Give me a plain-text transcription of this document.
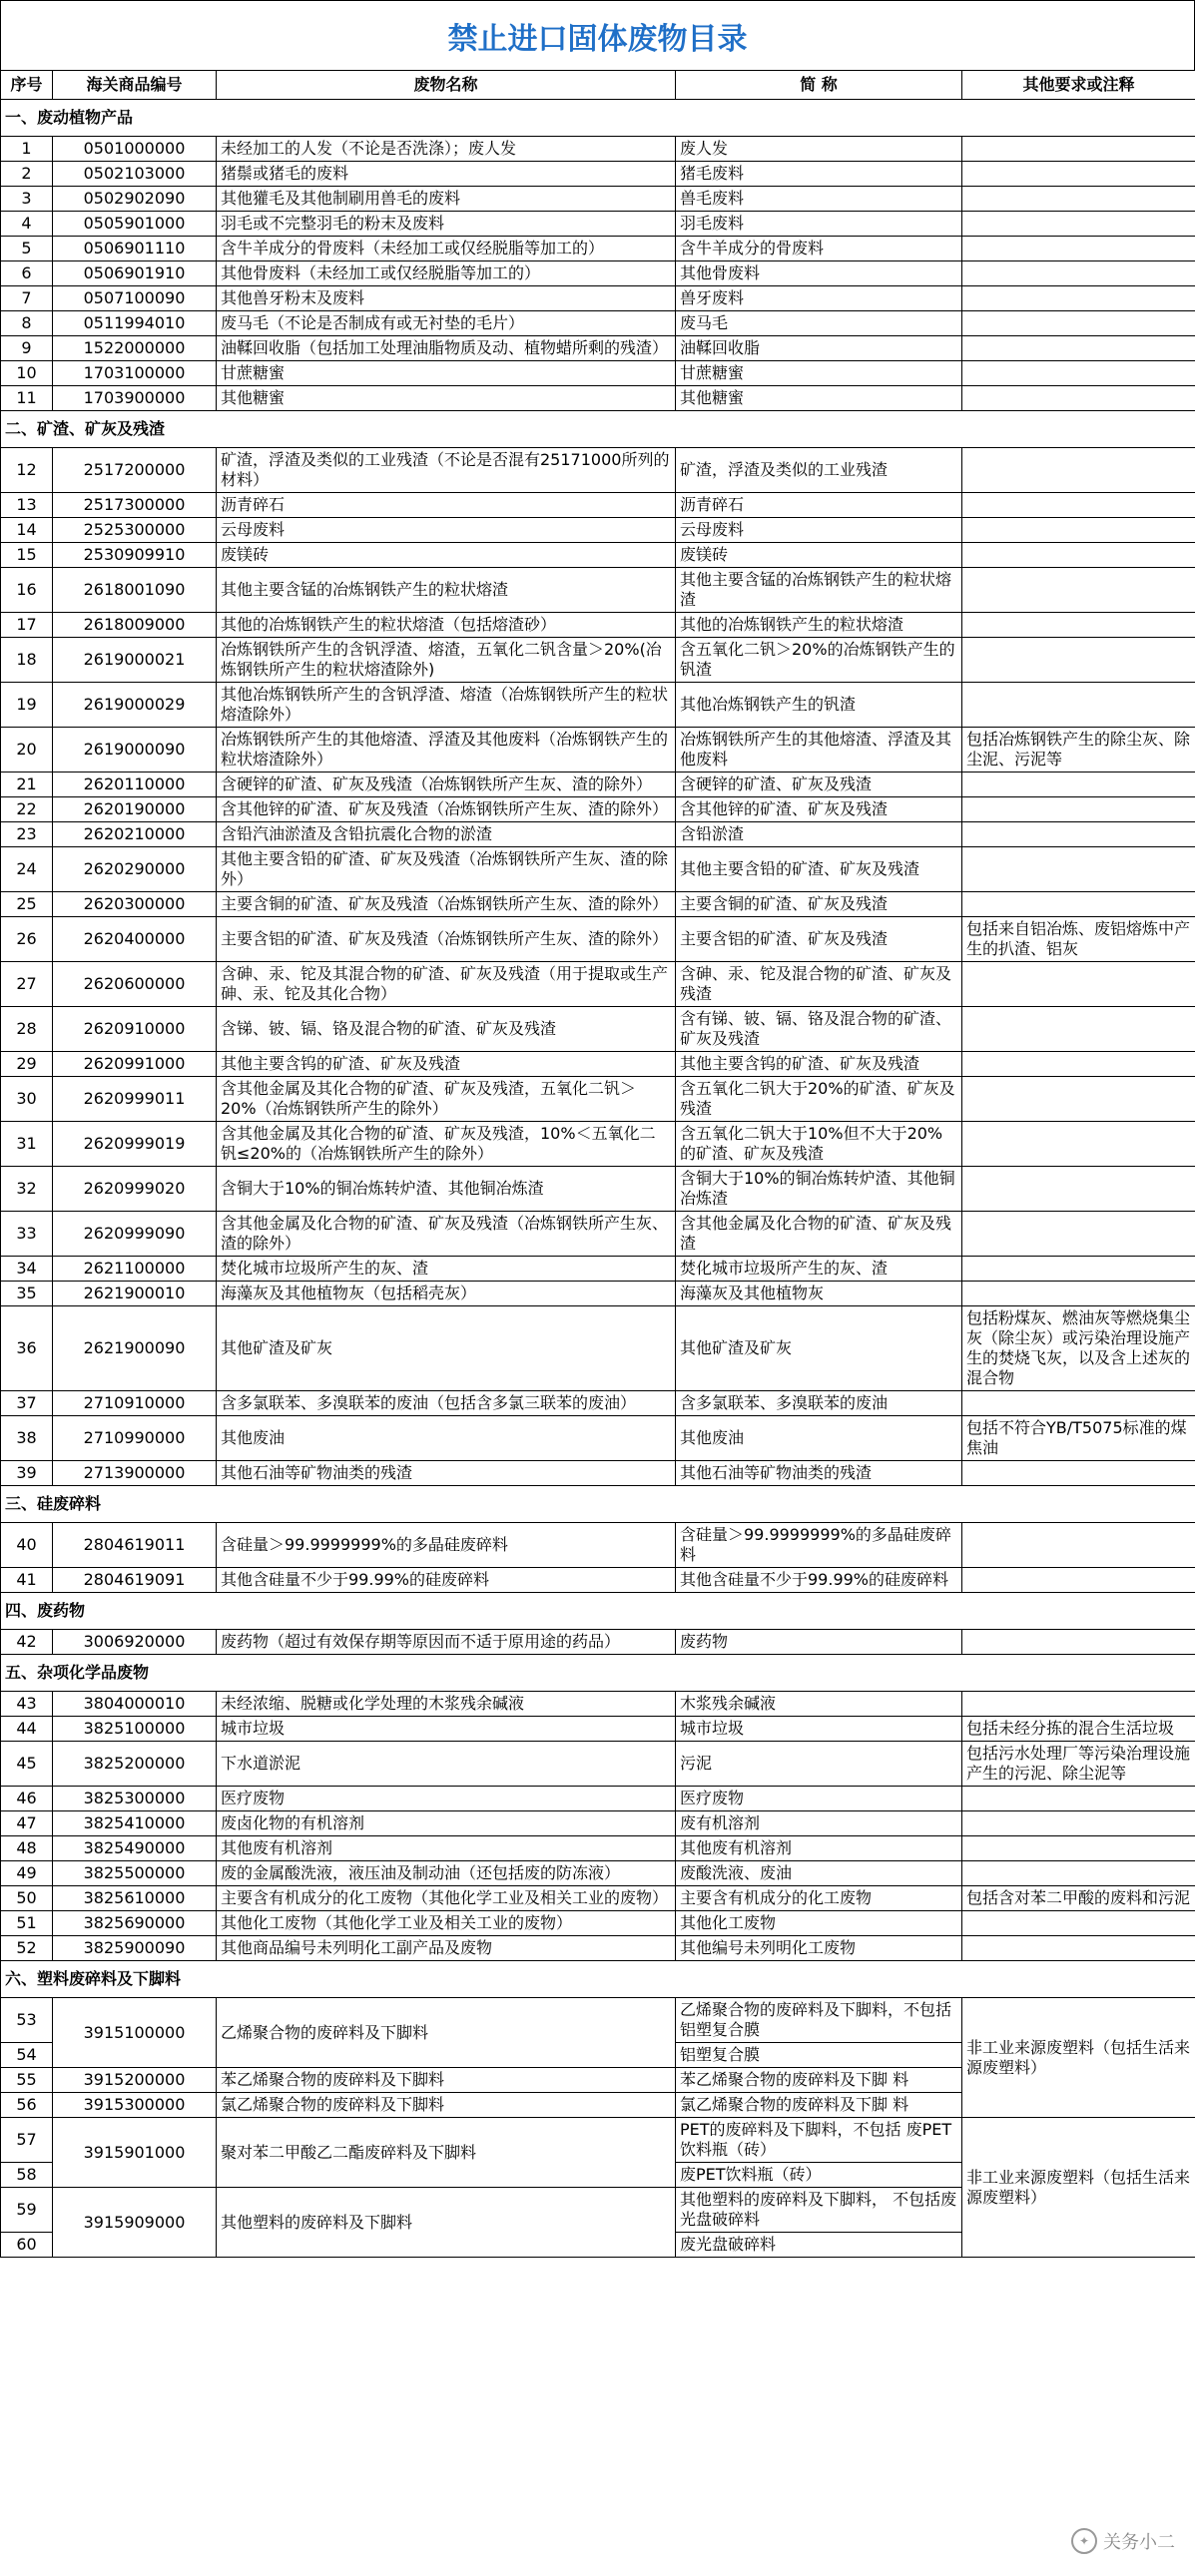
禁止进口固体废物目录
序号	海关商品编号	废物名称	简 称	其他要求或注释
一、废动植物产品				
1	0501000000	未经加工的人发（不论是否洗涤）；废人发	废人发	
2	0502103000	猪鬃或猪毛的废料	猪毛废料	
3	0502902090	其他獾毛及其他制刷用兽毛的废料	兽毛废料	
4	0505901000	羽毛或不完整羽毛的粉末及废料	羽毛废料	
5	0506901110	含牛羊成分的骨废料（未经加工或仅经脱脂等加工的）	含牛羊成分的骨废料	
6	0506901910	其他骨废料（未经加工或仅经脱脂等加工的）	其他骨废料	
7	0507100090	其他兽牙粉末及废料	兽牙废料	
8	0511994010	废马毛（不论是否制成有或无衬垫的毛片）	废马毛	
9	1522000000	油鞣回收脂（包括加工处理油脂物质及动、植物蜡所剩的残渣）	油鞣回收脂	
10	1703100000	甘蔗糖蜜	甘蔗糖蜜	
11	1703900000	其他糖蜜	其他糖蜜	
二、矿渣、矿灰及残渣				
12	2517200000	矿渣，浮渣及类似的工业残渣（不论是否混有25171000所列的材料）	矿渣，浮渣及类似的工业残渣	
13	2517300000	沥青碎石	沥青碎石	
14	2525300000	云母废料	云母废料	
15	2530909910	废镁砖	废镁砖	
16	2618001090	其他主要含锰的冶炼钢铁产生的粒状熔渣	其他主要含锰的冶炼钢铁产生的粒状熔渣	
17	2618009000	其他的冶炼钢铁产生的粒状熔渣（包括熔渣砂）	其他的冶炼钢铁产生的粒状熔渣	
18	2619000021	冶炼钢铁所产生的含钒浮渣、熔渣，五氧化二钒含量＞20%(冶炼钢铁所产生的粒状熔渣除外)	含五氧化二钒＞20%的冶炼钢铁产生的钒渣	
19	2619000029	其他冶炼钢铁所产生的含钒浮渣、熔渣（冶炼钢铁所产生的粒状熔渣除外）	其他冶炼钢铁产生的钒渣	
20	2619000090	冶炼钢铁所产生的其他熔渣、浮渣及其他废料（冶炼钢铁产生的粒状熔渣除外）	冶炼钢铁所产生的其他熔渣、浮渣及其他废料	包括冶炼钢铁产生的除尘灰、除尘泥、污泥等
21	2620110000	含硬锌的矿渣、矿灰及残渣（冶炼钢铁所产生灰、渣的除外）	含硬锌的矿渣、矿灰及残渣	
22	2620190000	含其他锌的矿渣、矿灰及残渣（冶炼钢铁所产生灰、渣的除外）	含其他锌的矿渣、矿灰及残渣	
23	2620210000	含铅汽油淤渣及含铅抗震化合物的淤渣	含铅淤渣	
24	2620290000	其他主要含铅的矿渣、矿灰及残渣（冶炼钢铁所产生灰、渣的除外）	其他主要含铅的矿渣、矿灰及残渣	
25	2620300000	主要含铜的矿渣、矿灰及残渣（冶炼钢铁所产生灰、渣的除外）	主要含铜的矿渣、矿灰及残渣	
26	2620400000	主要含铝的矿渣、矿灰及残渣（冶炼钢铁所产生灰、渣的除外）	主要含铝的矿渣、矿灰及残渣	包括来自铝冶炼、废铝熔炼中产生的扒渣、铝灰
27	2620600000	含砷、汞、铊及其混合物的矿渣、矿灰及残渣（用于提取或生产砷、汞、铊及其化合物）	含砷、汞、铊及混合物的矿渣、矿灰及残渣	
28	2620910000	含锑、铍、镉、铬及混合物的矿渣、矿灰及残渣	含有锑、铍、镉、铬及混合物的矿渣、矿灰及残渣	
29	2620991000	其他主要含钨的矿渣、矿灰及残渣	其他主要含钨的矿渣、矿灰及残渣	
30	2620999011	含其他金属及其化合物的矿渣、矿灰及残渣，五氧化二钒＞20%（冶炼钢铁所产生的除外）	含五氧化二钒大于20%的矿渣、矿灰及残渣	
31	2620999019	含其他金属及其化合物的矿渣、矿灰及残渣，10%＜五氧化二钒≤20%的（冶炼钢铁所产生的除外）	含五氧化二钒大于10%但不大于20%的矿渣、矿灰及残渣	
32	2620999020	含铜大于10%的铜冶炼转炉渣、其他铜冶炼渣	含铜大于10%的铜冶炼转炉渣、其他铜冶炼渣	
33	2620999090	含其他金属及化合物的矿渣、矿灰及残渣（冶炼钢铁所产生灰、渣的除外）	含其他金属及化合物的矿渣、矿灰及残渣	
34	2621100000	焚化城市垃圾所产生的灰、渣	焚化城市垃圾所产生的灰、渣	
35	2621900010	海藻灰及其他植物灰（包括稻壳灰）	海藻灰及其他植物灰	
36	2621900090	其他矿渣及矿灰	其他矿渣及矿灰	包括粉煤灰、燃油灰等燃烧集尘灰（除尘灰）或污染治理设施产生的焚烧飞灰，以及含上述灰的混合物
37	2710910000	含多氯联苯、多溴联苯的废油（包括含多氯三联苯的废油）	含多氯联苯、多溴联苯的废油	
38	2710990000	其他废油	其他废油	包括不符合YB/T5075标准的煤焦油
39	2713900000	其他石油等矿物油类的残渣	其他石油等矿物油类的残渣	
三、硅废碎料				
40	2804619011	含硅量＞99.9999999%的多晶硅废碎料	含硅量＞99.9999999%的多晶硅废碎料	
41	2804619091	其他含硅量不少于99.99%的硅废碎料	其他含硅量不少于99.99%的硅废碎料	
四、废药物				
42	3006920000	废药物（超过有效保存期等原因而不适于原用途的药品）	废药物	
五、杂项化学品废物				
43	3804000010	未经浓缩、脱糖或化学处理的木浆残余碱液	木浆残余碱液	
44	3825100000	城市垃圾	城市垃圾	包括未经分拣的混合生活垃圾
45	3825200000	下水道淤泥	污泥	包括污水处理厂等污染治理设施产生的污泥、除尘泥等
46	3825300000	医疗废物	医疗废物	
47	3825410000	废卤化物的有机溶剂	废有机溶剂	
48	3825490000	其他废有机溶剂	其他废有机溶剂	
49	3825500000	废的金属酸洗液，液压油及制动油（还包括废的防冻液）	废酸洗液、废油	
50	3825610000	主要含有机成分的化工废物（其他化学工业及相关工业的废物）	主要含有机成分的化工废物	包括含对苯二甲酸的废料和污泥
51	3825690000	其他化工废物（其他化学工业及相关工业的废物）	其他化工废物	
52	3825900090	其他商品编号未列明化工副产品及废物	其他编号未列明化工废物	
六、塑料废碎料及下脚料				
53	3915100000	乙烯聚合物的废碎料及下脚料	乙烯聚合物的废碎料及下脚料，不包括铝塑复合膜	非工业来源废塑料（包括生活来源废塑料）
54			铝塑复合膜	
55	3915200000	苯乙烯聚合物的废碎料及下脚料	苯乙烯聚合物的废碎料及下脚 料	
56	3915300000	氯乙烯聚合物的废碎料及下脚料	氯乙烯聚合物的废碎料及下脚 料	
57	3915901000	聚对苯二甲酸乙二酯废碎料及下脚料	PET的废碎料及下脚料，不包括 废PET饮料瓶（砖）	非工业来源废塑料（包括生活来源废塑料）
58			废PET饮料瓶（砖）	
59	3915909000	其他塑料的废碎料及下脚料	其他塑料的废碎料及下脚料， 不包括废光盘破碎料	
60			废光盘破碎料	
✦ 关务小二
